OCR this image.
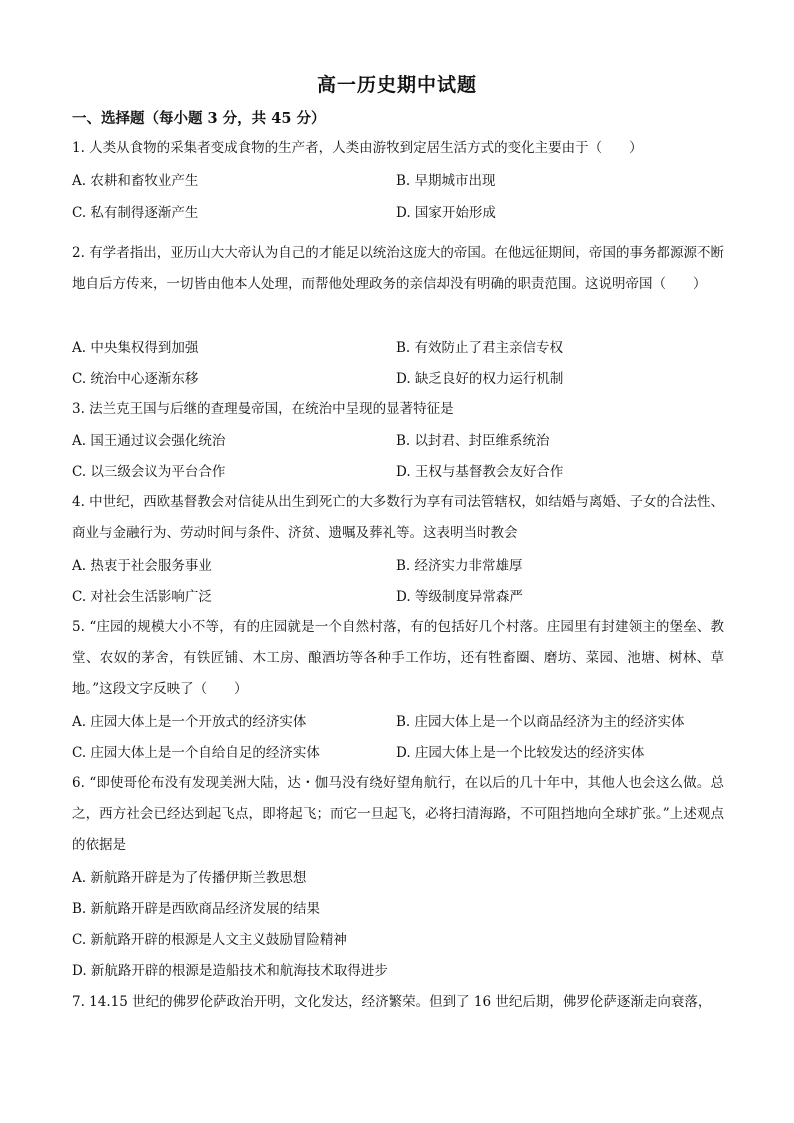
高一历史期中试题
一、选择题（每小题 3 分，共 45 分）
1. 人类从食物的采集者变成食物的生产者，人类由游牧到定居生活方式的变化主要由于（　　）
A. 农耕和畜牧业产生	B. 早期城市出现
C. 私有制得逐渐产生	D. 国家开始形成
2. 有学者指出，亚历山大大帝认为自己的才能足以统治这庞大的帝国。在他远征期间，帝国的事务都源源不断地自后方传来，一切皆由他本人处理，而帮他处理政务的亲信却没有明确的职责范围。这说明帝国（　　）
A. 中央集权得到加强	B. 有效防止了君主亲信专权
C. 统治中心逐渐东移	D. 缺乏良好的权力运行机制
3. 法兰克王国与后继的查理曼帝国，在统治中呈现的显著特征是
A. 国王通过议会强化统治	B. 以封君、封臣维系统治
C. 以三级会议为平台合作	D. 王权与基督教会友好合作
4. 中世纪，西欧基督教会对信徒从出生到死亡的大多数行为享有司法管辖权，如结婚与离婚、子女的合法性、商业与金融行为、劳动时间与条件、济贫、遗嘱及葬礼等。这表明当时教会
A. 热衷于社会服务事业	B. 经济实力非常雄厚
C. 对社会生活影响广泛	D. 等级制度异常森严
5. “庄园的规模大小不等，有的庄园就是一个自然村落，有的包括好几个村落。庄园里有封建领主的堡垒、教堂、农奴的茅舍，有铁匠铺、木工房、酿酒坊等各种手工作坊，还有牲畜圈、磨坊、菜园、池塘、树林、草地。”这段文字反映了（　　）
A. 庄园大体上是一个开放式的经济实体	B. 庄园大体上是一个以商品经济为主的经济实体
C. 庄园大体上是一个自给自足的经济实体	D. 庄园大体上是一个比较发达的经济实体
6. “即使哥伦布没有发现美洲大陆，达・伽马没有绕好望角航行，在以后的几十年中，其他人也会这么做。总之，西方社会已经达到起飞点，即将起飞；而它一旦起飞，必将扫清海路，不可阻挡地向全球扩张。”上述观点的依据是
A. 新航路开辟是为了传播伊斯兰教思想
B. 新航路开辟是西欧商品经济发展的结果
C. 新航路开辟的根源是人文主义鼓励冒险精神
D. 新航路开辟的根源是造船技术和航海技术取得进步
7. 14.15 世纪的佛罗伦萨政治开明，文化发达，经济繁荣。但到了 16 世纪后期，佛罗伦萨逐渐走向衰落，
